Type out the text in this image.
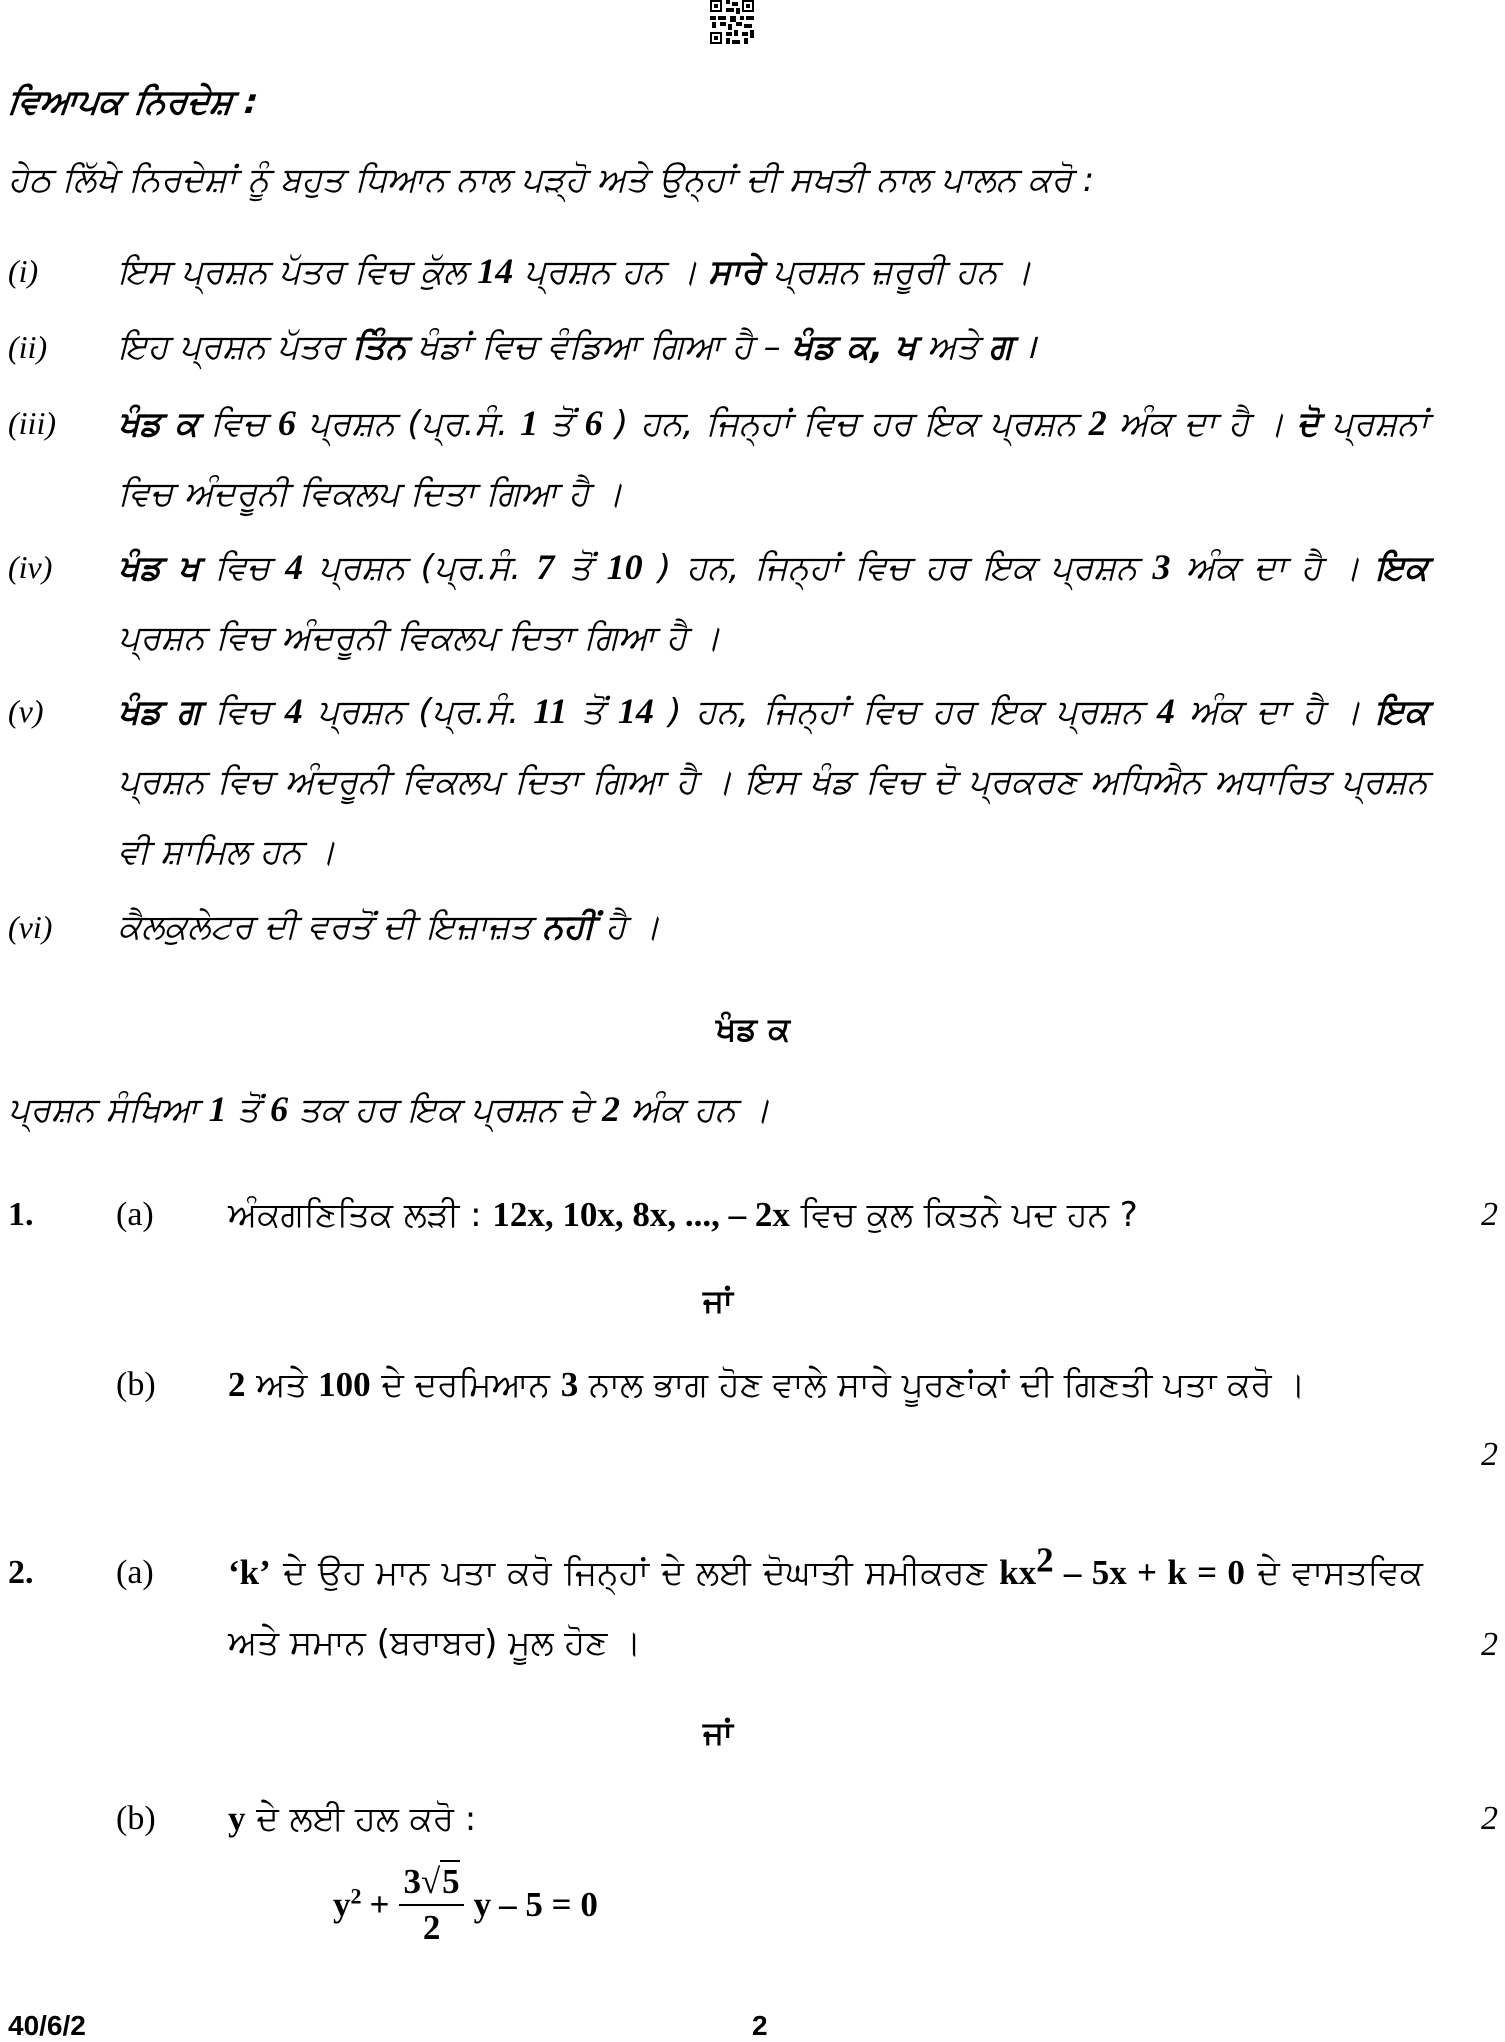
ਵਿਆਪਕ ਨਿਰਦੇਸ਼ :
ਹੇਠ ਲਿੱਖੇ ਨਿਰਦੇਸ਼ਾਂ ਨੂੰ ਬਹੁਤ ਧਿਆਨ ਨਾਲ ਪੜ੍ਹੋ ਅਤੇ ਉਨ੍ਹਾਂ ਦੀ ਸਖਤੀ ਨਾਲ ਪਾਲਨ ਕਰੋ :
(i)	ਇਸ ਪ੍ਰਸ਼ਨ ਪੱਤਰ ਵਿਚ ਕੁੱਲ 14 ਪ੍ਰਸ਼ਨ ਹਨ । ਸਾਰੇ ਪ੍ਰਸ਼ਨ ਜ਼ਰੂਰੀ ਹਨ ।
(ii)	ਇਹ ਪ੍ਰਸ਼ਨ ਪੱਤਰ ਤਿੰਨ ਖੰਡਾਂ ਵਿਚ ਵੰਡਿਆ ਗਿਆ ਹੈ – ਖੰਡ ਕ, ਖ ਅਤੇ ਗ ।
(iii)	ਖੰਡ ਕ ਵਿਚ 6 ਪ੍ਰਸ਼ਨ (ਪ੍ਰ.ਸੰ. 1 ਤੋਂ 6 ) ਹਨ, ਜਿਨ੍ਹਾਂ ਵਿਚ ਹਰ ਇਕ ਪ੍ਰਸ਼ਨ 2 ਅੰਕ ਦਾ ਹੈ । ਦੋ ਪ੍ਰਸ਼ਨਾਂ ਵਿਚ ਅੰਦਰੂਨੀ ਵਿਕਲਪ ਦਿਤਾ ਗਿਆ ਹੈ ।
(iv)	ਖੰਡ ਖ ਵਿਚ 4 ਪ੍ਰਸ਼ਨ (ਪ੍ਰ.ਸੰ. 7 ਤੋਂ 10 ) ਹਨ, ਜਿਨ੍ਹਾਂ ਵਿਚ ਹਰ ਇਕ ਪ੍ਰਸ਼ਨ 3 ਅੰਕ ਦਾ ਹੈ । ਇਕ ਪ੍ਰਸ਼ਨ ਵਿਚ ਅੰਦਰੂਨੀ ਵਿਕਲਪ ਦਿਤਾ ਗਿਆ ਹੈ ।
(v)	ਖੰਡ ਗ ਵਿਚ 4 ਪ੍ਰਸ਼ਨ (ਪ੍ਰ.ਸੰ. 11 ਤੋਂ 14 ) ਹਨ, ਜਿਨ੍ਹਾਂ ਵਿਚ ਹਰ ਇਕ ਪ੍ਰਸ਼ਨ 4 ਅੰਕ ਦਾ ਹੈ । ਇਕ ਪ੍ਰਸ਼ਨ ਵਿਚ ਅੰਦਰੂਨੀ ਵਿਕਲਪ ਦਿਤਾ ਗਿਆ ਹੈ । ਇਸ ਖੰਡ ਵਿਚ ਦੋ ਪ੍ਰਕਰਣ ਅਧਿਐਨ ਅਧਾਰਿਤ ਪ੍ਰਸ਼ਨ ਵੀ ਸ਼ਾਮਿਲ ਹਨ ।
(vi)	ਕੈਲਕੁਲੇਟਰ ਦੀ ਵਰਤੋਂ ਦੀ ਇਜ਼ਾਜ਼ਤ ਨਹੀਂ ਹੈ ।
ਖੰਡ ਕ
ਪ੍ਰਸ਼ਨ ਸੰਖਿਆ 1 ਤੋਂ 6 ਤਕ ਹਰ ਇਕ ਪ੍ਰਸ਼ਨ ਦੇ 2 ਅੰਕ ਹਨ ।
1. (a) ਅੰਕਗਣਿਤਿਕ ਲੜੀ : 12x, 10x, 8x, ..., – 2x ਵਿਚ ਕੁਲ ਕਿਤਨੇ ਪਦ ਹਨ ?	2
ਜਾਂ
(b) 2 ਅਤੇ 100 ਦੇ ਦਰਮਿਆਨ 3 ਨਾਲ ਭਾਗ ਹੋਣ ਵਾਲੇ ਸਾਰੇ ਪੂਰਣਾਂਕਾਂ ਦੀ ਗਿਣਤੀ ਪਤਾ ਕਰੋ ।
2
2. (a) ‘k’ ਦੇ ਉਹ ਮਾਨ ਪਤਾ ਕਰੋ ਜਿਨ੍ਹਾਂ ਦੇ ਲਈ ਦੋਘਾਤੀ ਸਮੀਕਰਣ $kx^2 - 5x + k = 0$ ਦੇ ਵਾਸਤਵਿਕ ਅਤੇ ਸਮਾਨ (ਬਰਾਬਰ) ਮੂਲ ਹੋਣ ।	2
ਜਾਂ
(b) y ਦੇ ਲਈ ਹਲ ਕਰੋ :	2
$y^2 + \frac{3√5}{2}$ y – 5 = 0
40/6/2	2
